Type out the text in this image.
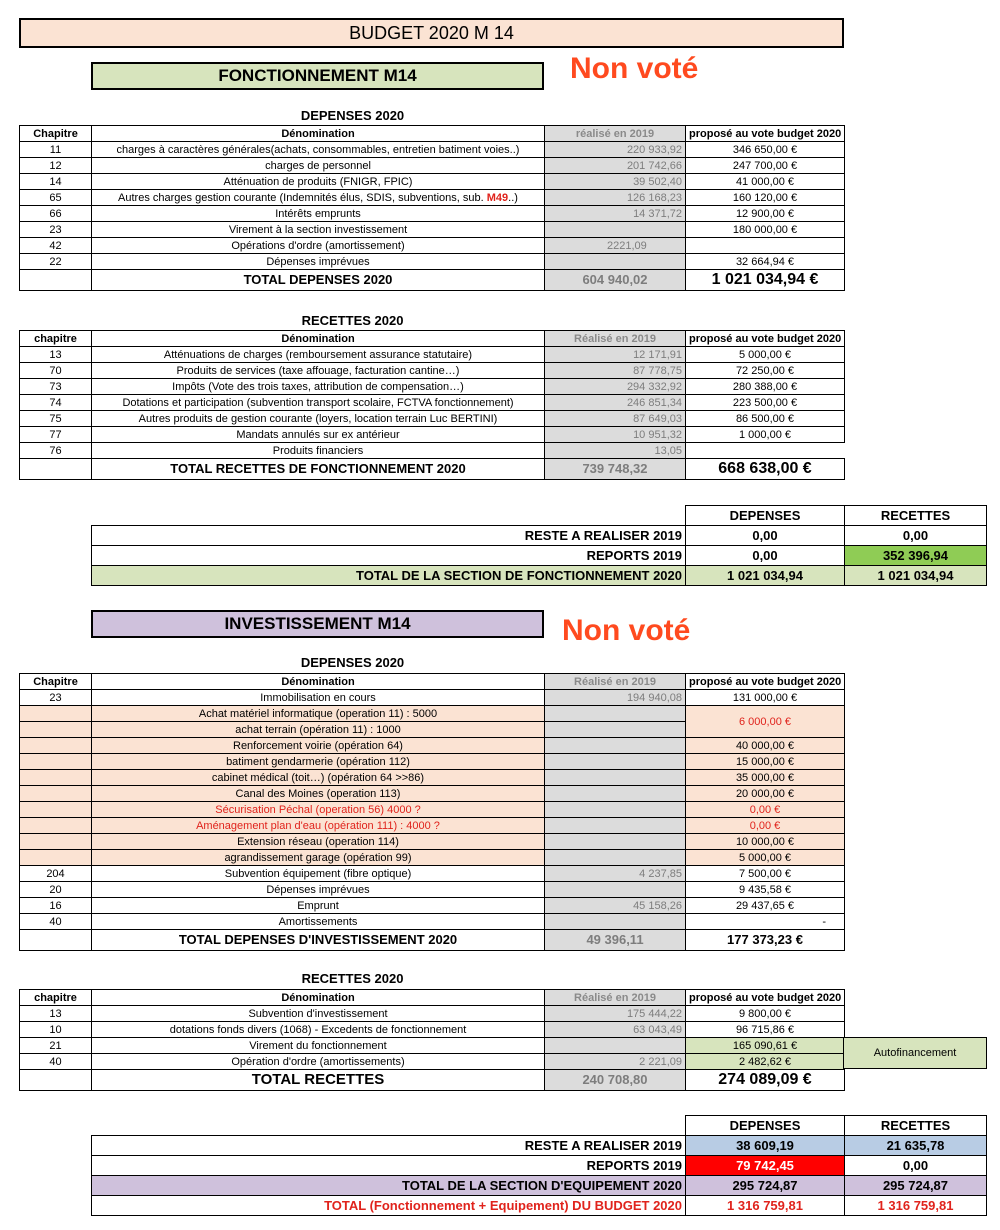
BUDGET 2020 M 14
FONCTIONNEMENT M14	Non voté
DEPENSES 2020
Chapitre	Dénomination	réalisé en 2019	proposé au vote budget 2020
11	charges à caractères générales(achats, consommables, entretien batiment voies..)	220 933,92	346 650,00 €
12	charges de personnel	201 742,66	247 700,00 €
14	Atténuation de produits (FNIGR, FPIC)	39 502,40	41 000,00 €
65	Autres charges gestion courante (Indemnités élus, SDIS, subventions, sub. M49..)	126 168,23	160 120,00 €
66	Intérêts emprunts	14 371,72	12 900,00 €
23	Virement à la section investissement		180 000,00 €
42	Opérations d'ordre (amortissement)	2221,09	
22	Dépenses imprévues		32 664,94 €
	TOTAL DEPENSES 2020	604 940,02	1 021 034,94 €
RECETTES 2020
chapitre	Dénomination	Réalisé en 2019	proposé au vote budget 2020
13	Atténuations de charges (remboursement assurance statutaire)	12 171,91	5 000,00 €
70	Produits de services (taxe affouage, facturation cantine…)	87 778,75	72 250,00 €
73	Impôts (Vote des trois taxes, attribution de compensation…)	294 332,92	280 388,00 €
74	Dotations et participation (subvention transport scolaire, FCTVA fonctionnement)	246 851,34	223 500,00 €
75	Autres produits de gestion courante (loyers, location terrain Luc BERTINI)	87 649,03	86 500,00 €
77	Mandats annulés sur ex antérieur	10 951,32	1 000,00 €
76	Produits financiers	13,05	
	TOTAL RECETTES DE FONCTIONNEMENT 2020	739 748,32	668 638,00 €
	DEPENSES	RECETTES
RESTE A REALISER 2019	0,00	0,00
REPORTS 2019	0,00	352 396,94
TOTAL DE LA SECTION DE FONCTIONNEMENT 2020	1 021 034,94	1 021 034,94
INVESTISSEMENT M14	Non voté
DEPENSES 2020
Chapitre	Dénomination	Réalisé en 2019	proposé au vote budget 2020
23	Immobilisation en cours	194 940,08	131 000,00 €
	Achat matériel informatique (operation 11) : 5000		6 000,00 €
	achat terrain (opération 11) : 1000		
	Renforcement voirie (opération 64)		40 000,00 €
	batiment gendarmerie (opération 112)		15 000,00 €
	cabinet médical (toit…) (opération 64 >>86)		35 000,00 €
	Canal des Moines (operation 113)		20 000,00 €
	Sécurisation Péchal (operation 56) 4000 ?		0,00 €
	Aménagement plan d'eau (opération 111) : 4000 ?		0,00 €
	Extension réseau (operation 114)		10 000,00 €
	agrandissement garage (opération 99)		5 000,00 €
204	Subvention équipement (fibre optique)	4 237,85	7 500,00 €
20	Dépenses imprévues		9 435,58 €
16	Emprunt	45 158,26	29 437,65 €
40	Amortissements		-
	TOTAL DEPENSES D'INVESTISSEMENT 2020	49 396,11	177 373,23 €
RECETTES 2020
chapitre	Dénomination	Réalisé en 2019	proposé au vote budget 2020
13	Subvention d'investissement	175 444,22	9 800,00 €
10	dotations fonds divers (1068) - Excedents de fonctionnement	63 043,49	96 715,86 €
21	Virement du fonctionnement		165 090,61 €
40	Opération d'ordre (amortissements)	2 221,09	2 482,62 €
	TOTAL RECETTES	240 708,80	274 089,09 €
Autofinancement
	DEPENSES	RECETTES
RESTE A REALISER 2019	38 609,19	21 635,78
REPORTS 2019	79 742,45	0,00
TOTAL DE LA SECTION D'EQUIPEMENT 2020	295 724,87	295 724,87
TOTAL (Fonctionnement + Equipement) DU BUDGET 2020	1 316 759,81	1 316 759,81
